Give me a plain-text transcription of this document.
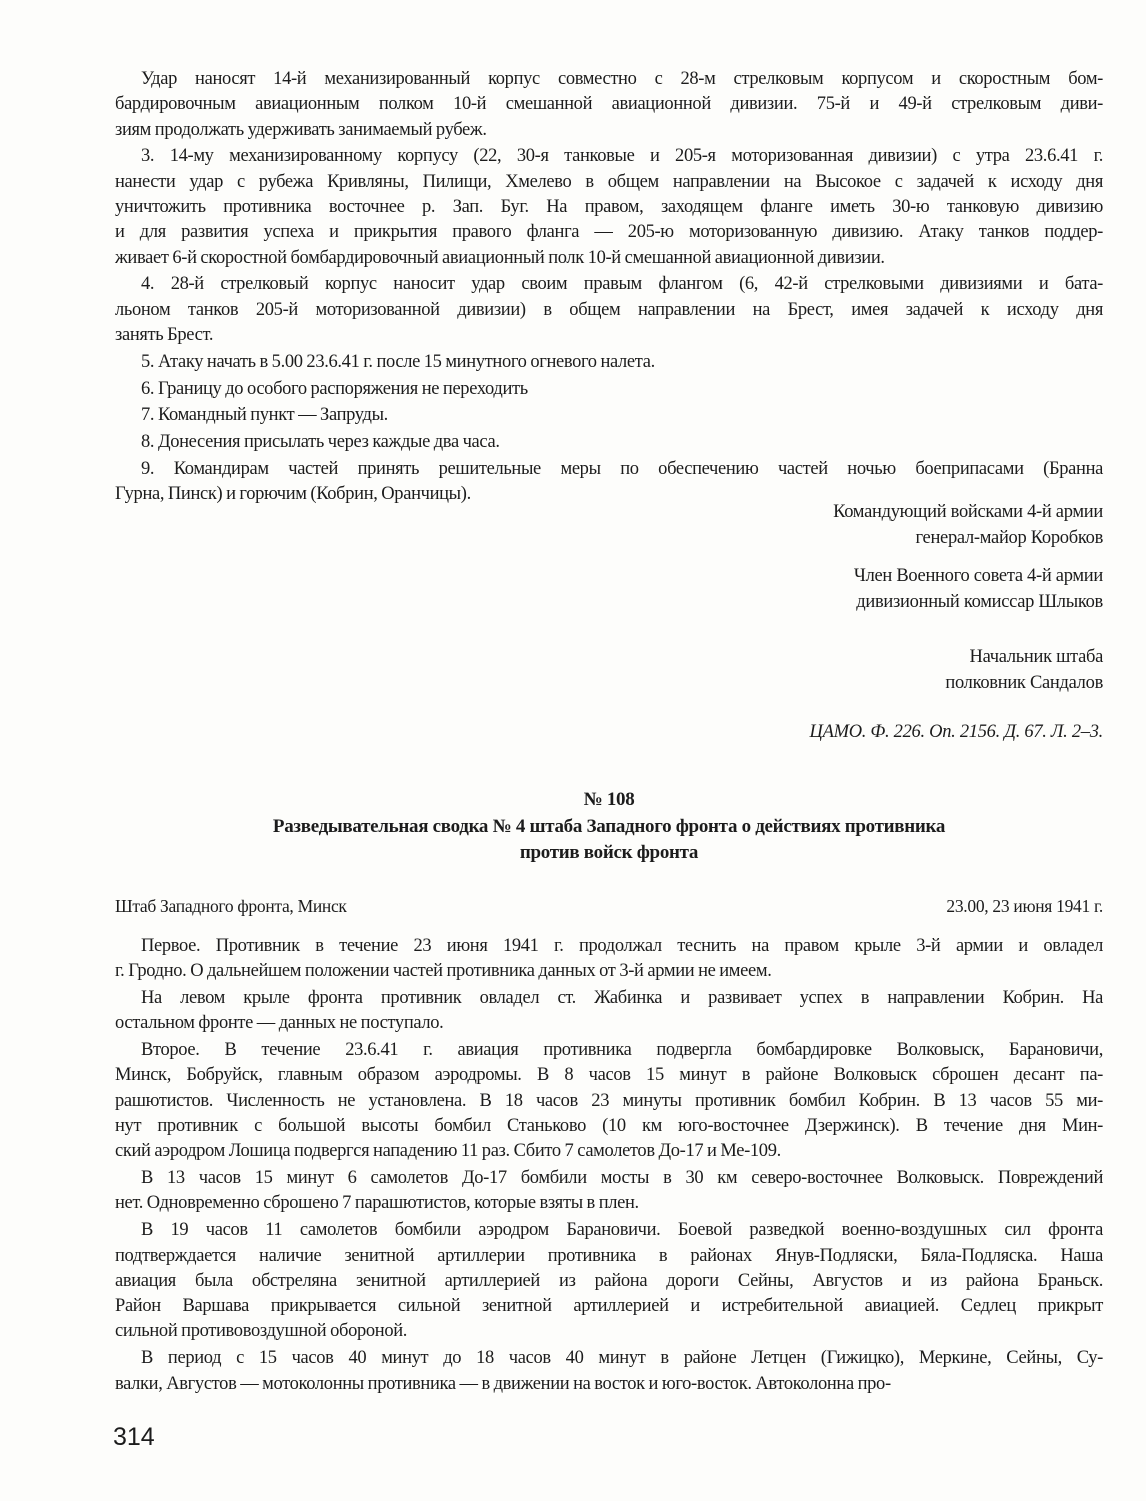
Удар наносят 14-й механизированный корпус совместно с 28-м стрелковым корпусом и скоростным бом-
бардировочным авиационным полком 10-й смешанной авиационной дивизии. 75-й и 49-й стрелковым диви-
зиям продолжать удерживать занимаемый рубеж.
3. 14-му механизированному корпусу (22, 30-я танковые и 205-я моторизованная дивизии) с утра 23.6.41 г.
нанести удар с рубежа Кривляны, Пилищи, Хмелево в общем направлении на Высокое с задачей к исходу дня
уничтожить противника восточнее р. Зап. Буг. На правом, заходящем фланге иметь 30-ю танковую дивизию
и для развития успеха и прикрытия правого фланга — 205-ю моторизованную дивизию. Атаку танков поддер-
живает 6-й скоростной бомбардировочный авиационный полк 10-й смешанной авиационной дивизии.
4. 28-й стрелковый корпус наносит удар своим правым флангом (6, 42-й стрелковыми дивизиями и бата-
льоном танков 205-й моторизованной дивизии) в общем направлении на Брест, имея задачей к исходу дня
занять Брест.
5. Атаку начать в 5.00 23.6.41 г. после 15 минутного огневого налета.
6. Границу до особого распоряжения не переходить
7. Командный пункт — Запруды.
8. Донесения присылать через каждые два часа.
9. Командирам частей принять решительные меры по обеспечению частей ночью боеприпасами (Бранна
Гурна, Пинск) и горючим (Кобрин, Оранчицы).
Командующий войсками 4-й армии
генерал-майор Коробков
Член Военного совета 4-й армии
дивизионный комиссар Шлыков
Начальник штаба
полковник Сандалов
ЦАМО. Ф. 226. Оп. 2156. Д. 67. Л. 2–3.
№ 108
Разведывательная сводка № 4 штаба Западного фронта о действиях противника
против войск фронта
Штаб Западного фронта, Минск	23.00, 23 июня 1941 г.
Первое. Противник в течение 23 июня 1941 г. продолжал теснить на правом крыле 3-й армии и овладел
г. Гродно. О дальнейшем положении частей противника данных от 3-й армии не имеем.
На левом крыле фронта противник овладел ст. Жабинка и развивает успех в направлении Кобрин. На
остальном фронте — данных не поступало.
Второе. В течение 23.6.41 г. авиация противника подвергла бомбардировке Волковыск, Барановичи,
Минск, Бобруйск, главным образом аэродромы. В 8 часов 15 минут в районе Волковыск сброшен десант па-
рашютистов. Численность не установлена. В 18 часов 23 минуты противник бомбил Кобрин. В 13 часов 55 ми-
нут противник с большой высоты бомбил Станьково (10 км юго-восточнее Дзержинск). В течение дня Мин-
ский аэродром Лошица подвергся нападению 11 раз. Сбито 7 самолетов До-17 и Ме-109.
В 13 часов 15 минут 6 самолетов До-17 бомбили мосты в 30 км северо-восточнее Волковыск. Повреждений
нет. Одновременно сброшено 7 парашютистов, которые взяты в плен.
В 19 часов 11 самолетов бомбили аэродром Барановичи. Боевой разведкой военно-воздушных сил фронта
подтверждается наличие зенитной артиллерии противника в районах Янув-Подляски, Бяла-Подляска. Наша
авиация была обстреляна зенитной артиллерией из района дороги Сейны, Августов и из района Браньск.
Район Варшава прикрывается сильной зенитной артиллерией и истребительной авиацией. Седлец прикрыт
сильной противовоздушной обороной.
В период с 15 часов 40 минут до 18 часов 40 минут в районе Летцен (Гижицко), Меркине, Сейны, Су-
валки, Августов — мотоколонны противника — в движении на восток и юго-восток. Автоколонна про-
314
